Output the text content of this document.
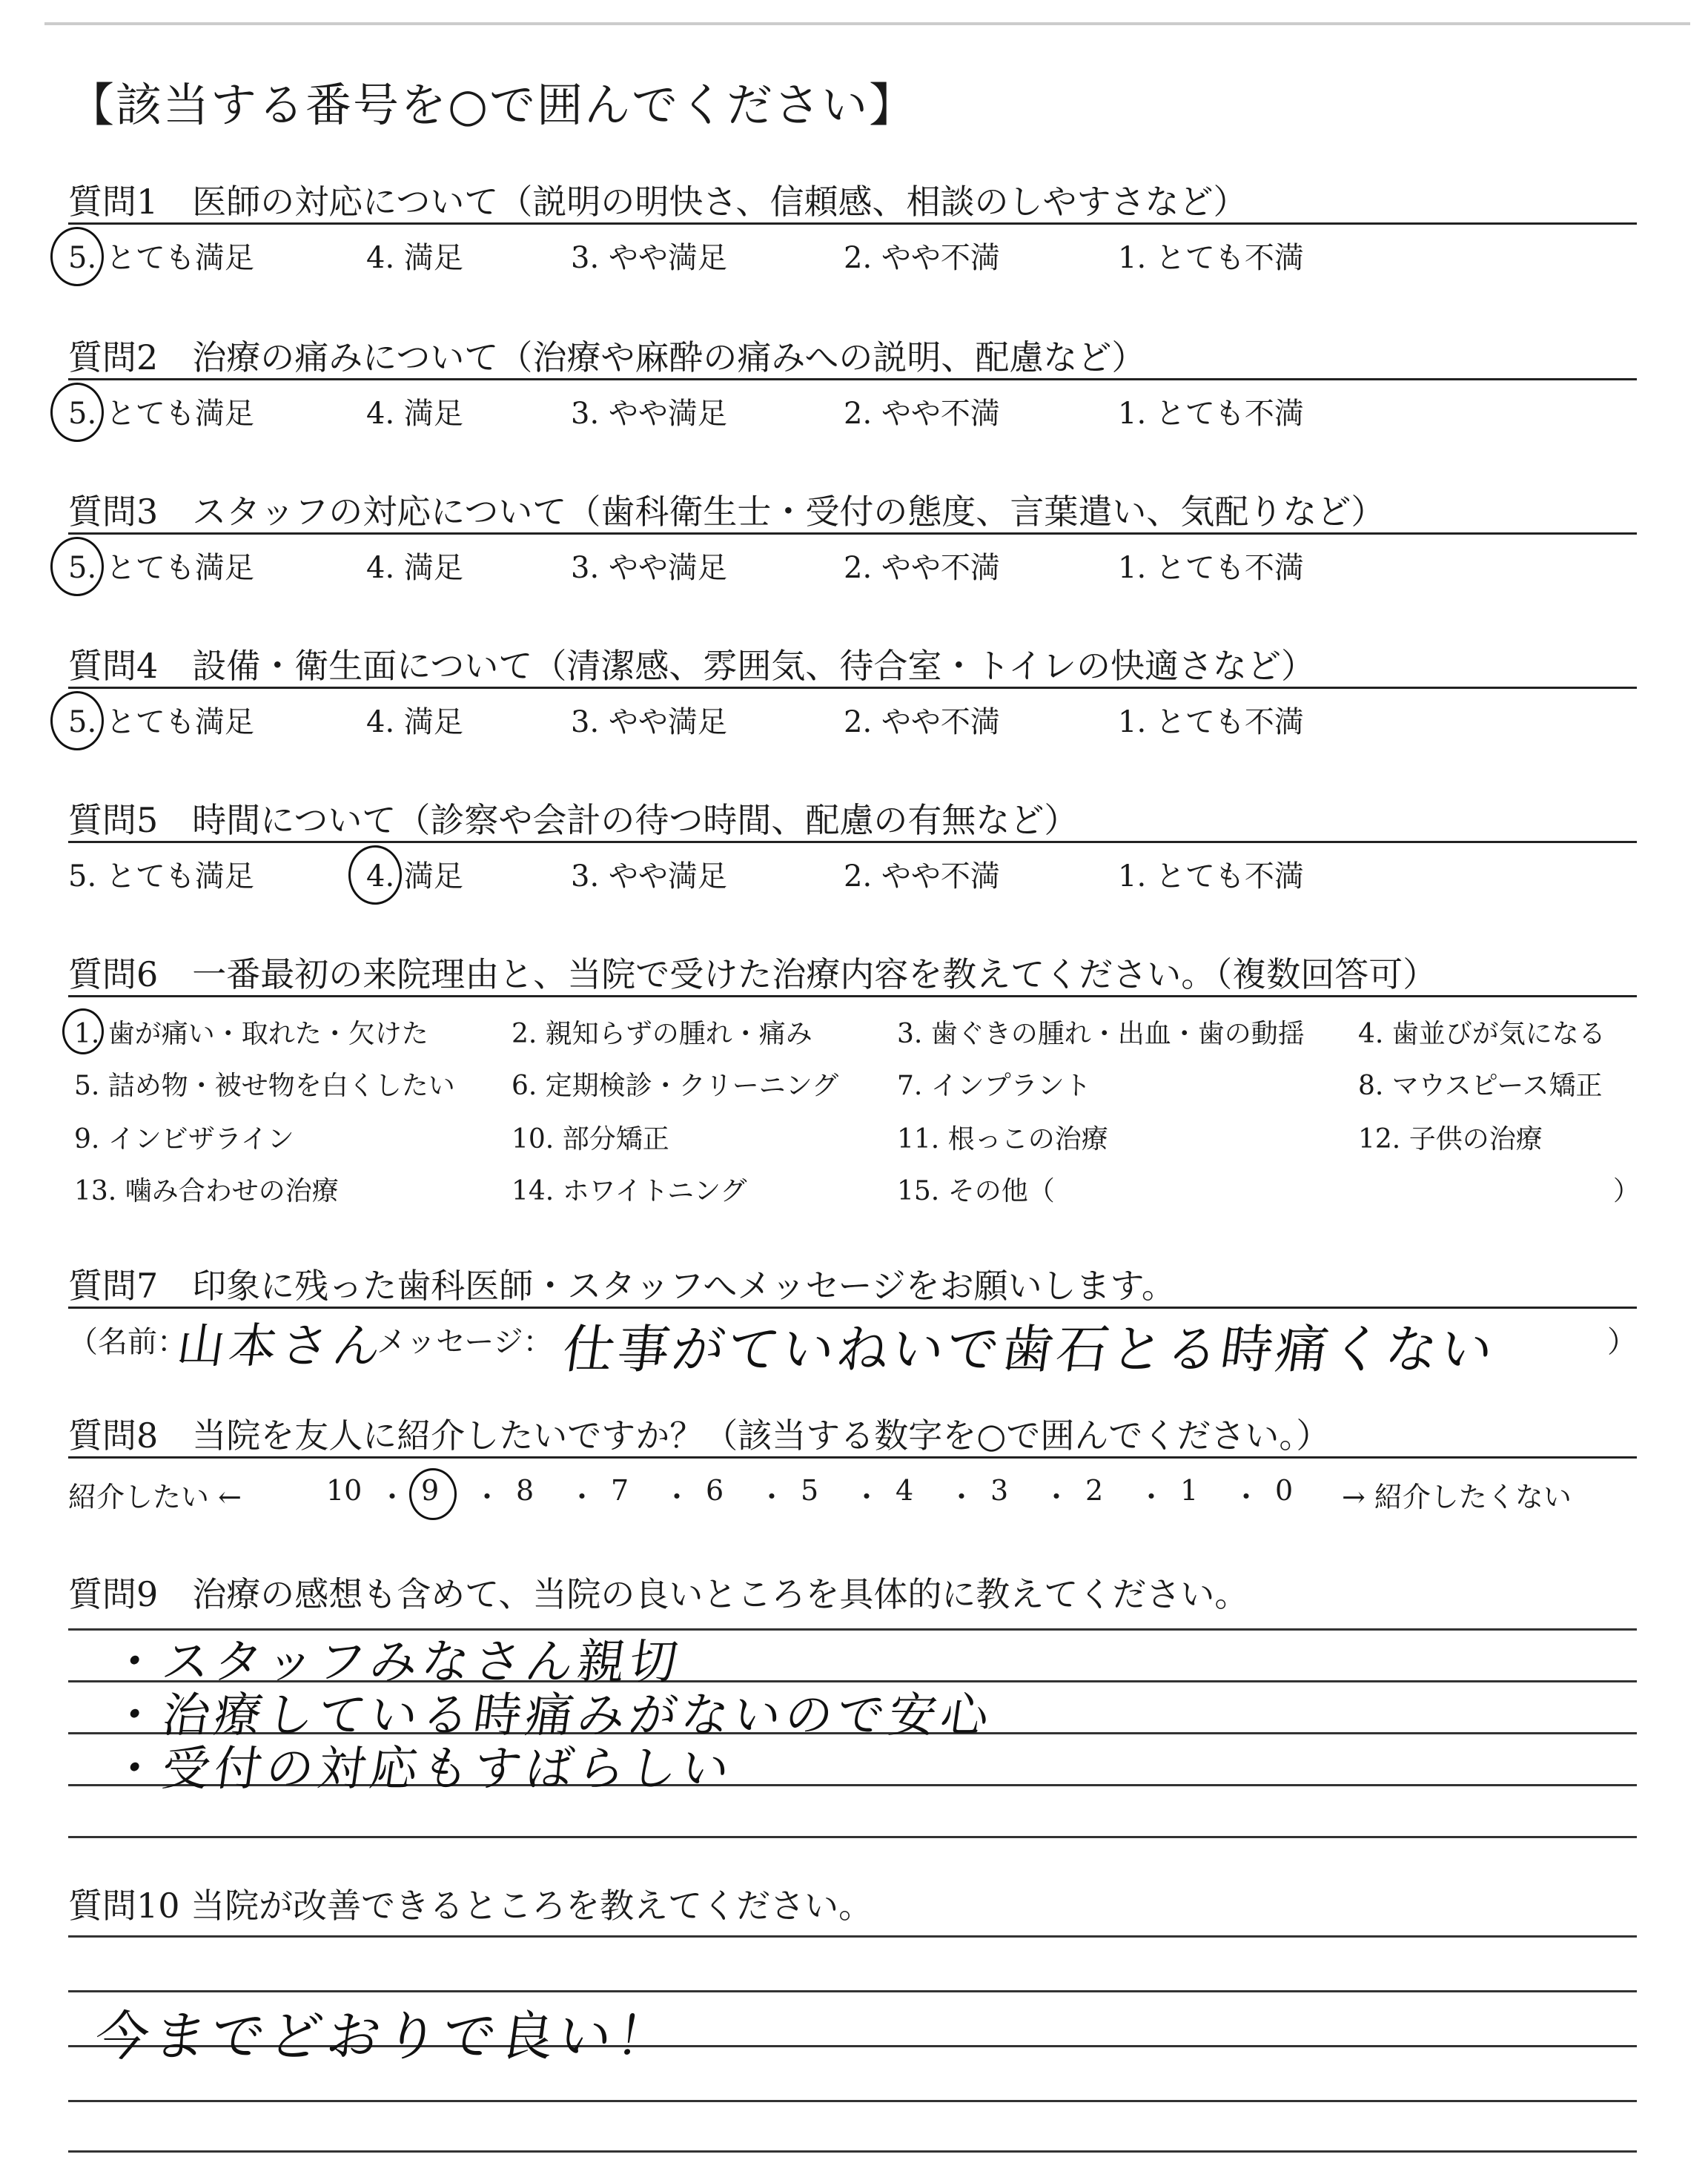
【該当する番号を○で囲んでください】
質問1　医師の対応について（説明の明快さ、信頼感、相談のしやすさなど）
5. とても満足	4. 満足	3. やや満足	2. やや不満	1. とても不満
質問2　治療の痛みについて（治療や麻酔の痛みへの説明、配慮など）
5. とても満足	4. 満足	3. やや満足	2. やや不満	1. とても不満
質問3　スタッフの対応について（歯科衛生士・受付の態度、言葉遣い、気配りなど）
5. とても満足	4. 満足	3. やや満足	2. やや不満	1. とても不満
質問4　設備・衛生面について（清潔感、雰囲気、待合室・トイレの快適さなど）
5. とても満足	4. 満足	3. やや満足	2. やや不満	1. とても不満
質問5　時間について（診察や会計の待つ時間、配慮の有無など）
5. とても満足	4. 満足	3. やや満足	2. やや不満	1. とても不満
質問6　一番最初の来院理由と、当院で受けた治療内容を教えてください。（複数回答可）
1. 歯が痛い・取れた・欠けた	2. 親知らずの腫れ・痛み	3. 歯ぐきの腫れ・出血・歯の動揺 4. 歯並びが気になる
5. 詰め物・被せ物を白くしたい 6. 定期検診・クリーニング 7. インプラント	8. マウスピース矯正
9. インビザライン	10. 部分矯正	11. 根っこの治療	12. 子供の治療
13. 噛み合わせの治療	14. ホワイトニング	15. その他（	）
質問7　印象に残った歯科医師・スタッフへメッセージをお願いします。
（名前：
山本さん
メッセージ： 仕事がていねいで歯石とる時痛くない	）
質問8　当院を友人に紹介したいですか？（該当する数字を○で囲んでください。）
紹介したい ←	10 ・ 9 ・ 8 ・ 7 ・ 6 ・ 5 ・ 4 ・ 3 ・ 2 ・ 1 ・ 0 → 紹介したくない
質問9　治療の感想も含めて、当院の良いところを具体的に教えてください。
・スタッフみなさん親切
・治療している時痛みがないので安心
・受付の対応もすばらしい
質問10 当院が改善できるところを教えてください。
今までどおりで良い！
